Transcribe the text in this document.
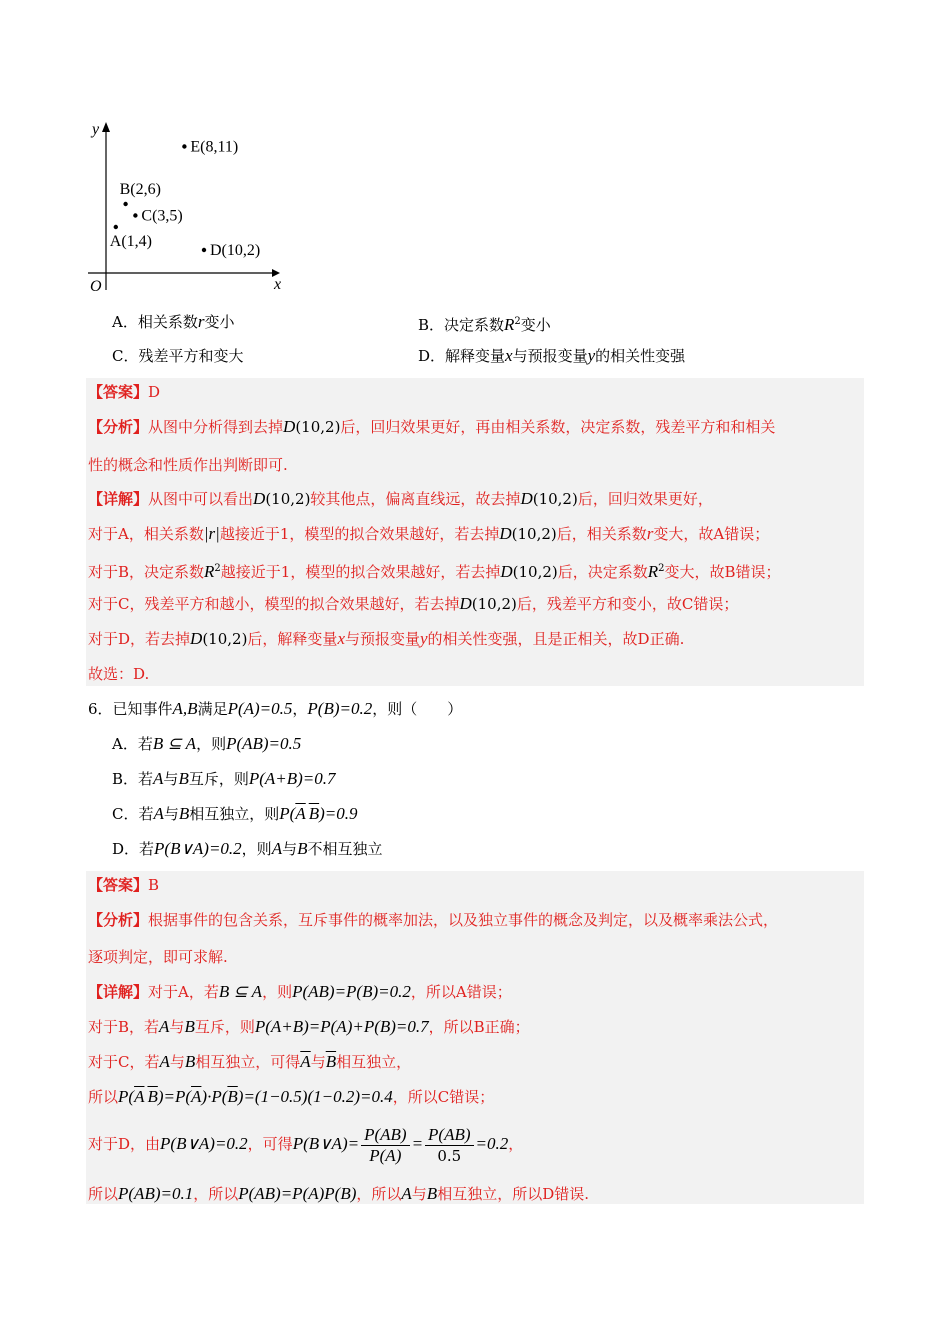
y
x
O
E(8,11)
B(2,6)
C(3,5)
A(1,4)
D(10,2)
A．相关系数r变小	B．决定系数$R^2$变小
C．残差平方和变大	D．解释变量x与预报变量y的相关性变强
【答案】D
【分析】从图中分析得到去掉D(10,2)后，回归效果更好，再由相关系数，决定系数，残差平方和和相关
性的概念和性质作出判断即可.
【详解】从图中可以看出D(10,2)较其他点，偏离直线远，故去掉D(10,2)后，回归效果更好，
对于A，相关系数|r|越接近于1，模型的拟合效果越好，若去掉D(10,2)后，相关系数r变大，故A错误；
对于B，决定系数$R^2$越接近于1，模型的拟合效果越好，若去掉D(10,2)后，决定系数$R^2$变大，故B错误；
对于C，残差平方和越小，模型的拟合效果越好，若去掉D(10,2)后，残差平方和变小，故C错误；
对于D，若去掉D(10,2)后，解释变量x与预报变量y的相关性变强，且是正相关，故D正确.
故选：D.
6．已知事件A,B满足P(A)=0.5，P(B)=0.2，则（　　）
A．若B ⊆ A，则P(AB)=0.5
B．若A与B互斥，则P(A+B)=0.7
C．若A与B相互独立，则$P(\overline{A}$ $\overline{B})=0.9$
D．若P(B∨A)=0.2，则A与B不相互独立
【答案】B
【分析】根据事件的包含关系，互斥事件的概率加法，以及独立事件的概念及判定，以及概率乘法公式，
逐项判定，即可求解.
【详解】对于A，若B ⊆ A，则P(AB)=P(B)=0.2，所以A错误；
对于B，若A与B互斥，则P(A+B)=P(A)+P(B)=0.7，所以B正确；
对于C，若A与B相互独立，可得$\overline{A}$与$\overline{B}$相互独立，
所以$P(\overline{A}$ $\overline{B})=P(\overline{A})\cdot P(\overline{B})=(1-0.5)(1-0.2)=0.4$，所以C错误；
对于D，由P(B∨A)=0.2，可得P(B∨A)= $\frac{P(AB)}{P(A)} = \frac{P(AB)}{0.5} =0.2$，
所以P(AB)=0.1，所以P(AB)=P(A)P(B)，所以A与B相互独立，所以D错误.
